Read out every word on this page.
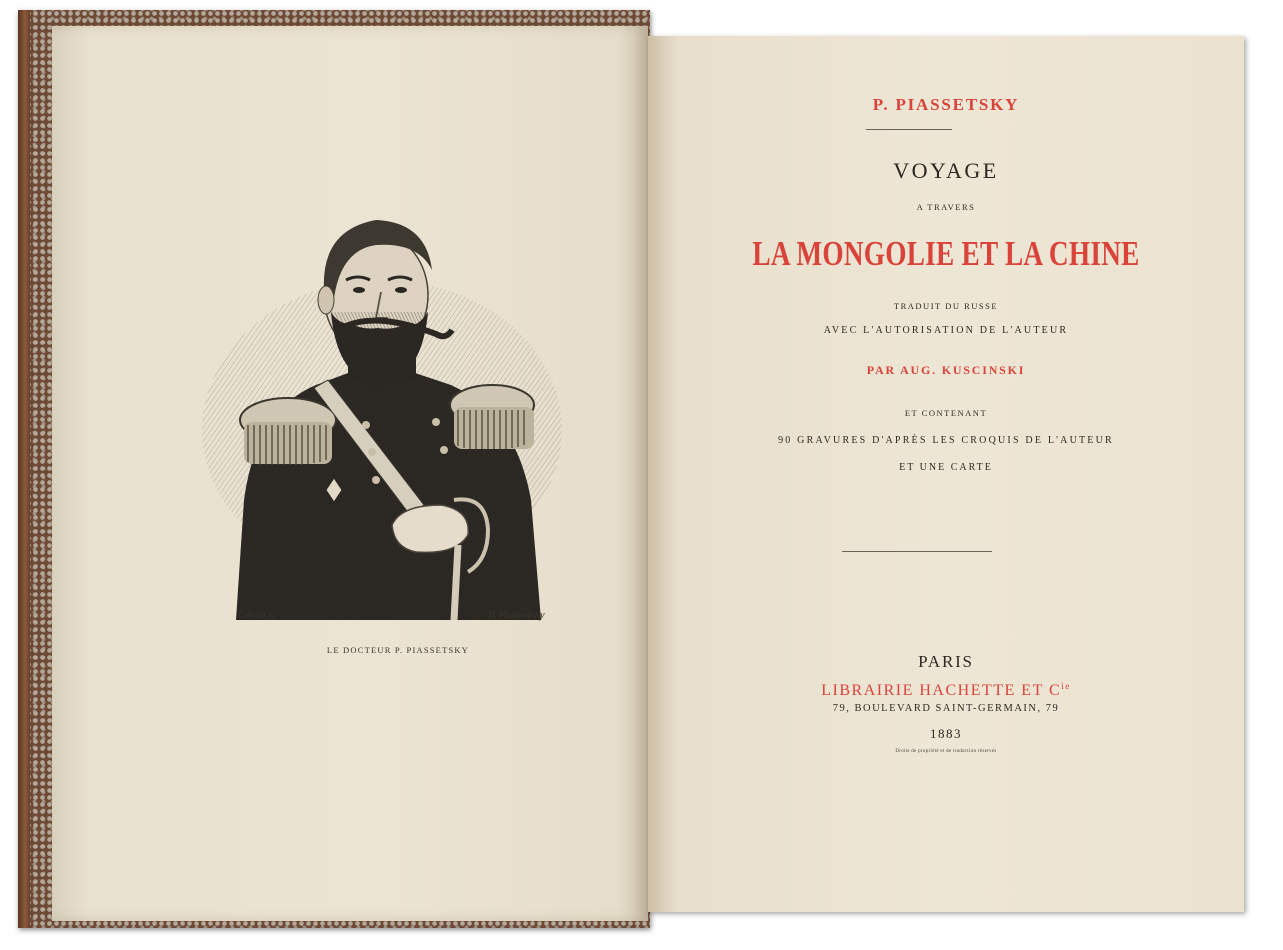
C.Roult sc	P. Piassetsky
LE DOCTEUR P. PIASSETSKY
P. PIASSETSKY
VOYAGE
A TRAVERS
LA MONGOLIE ET LA CHINE
TRADUIT DU RUSSE
AVEC L'AUTORISATION DE L'AUTEUR
PAR AUG. KUSCINSKI
ET CONTENANT
90 GRAVURES D'APRÈS LES CROQUIS DE L'AUTEUR
ET UNE CARTE
PARIS
LIBRAIRIE HACHETTE ET $C^{ie}$
79, BOULEVARD SAINT-GERMAIN, 79
1883
Droits de propriété et de traduction réservés
